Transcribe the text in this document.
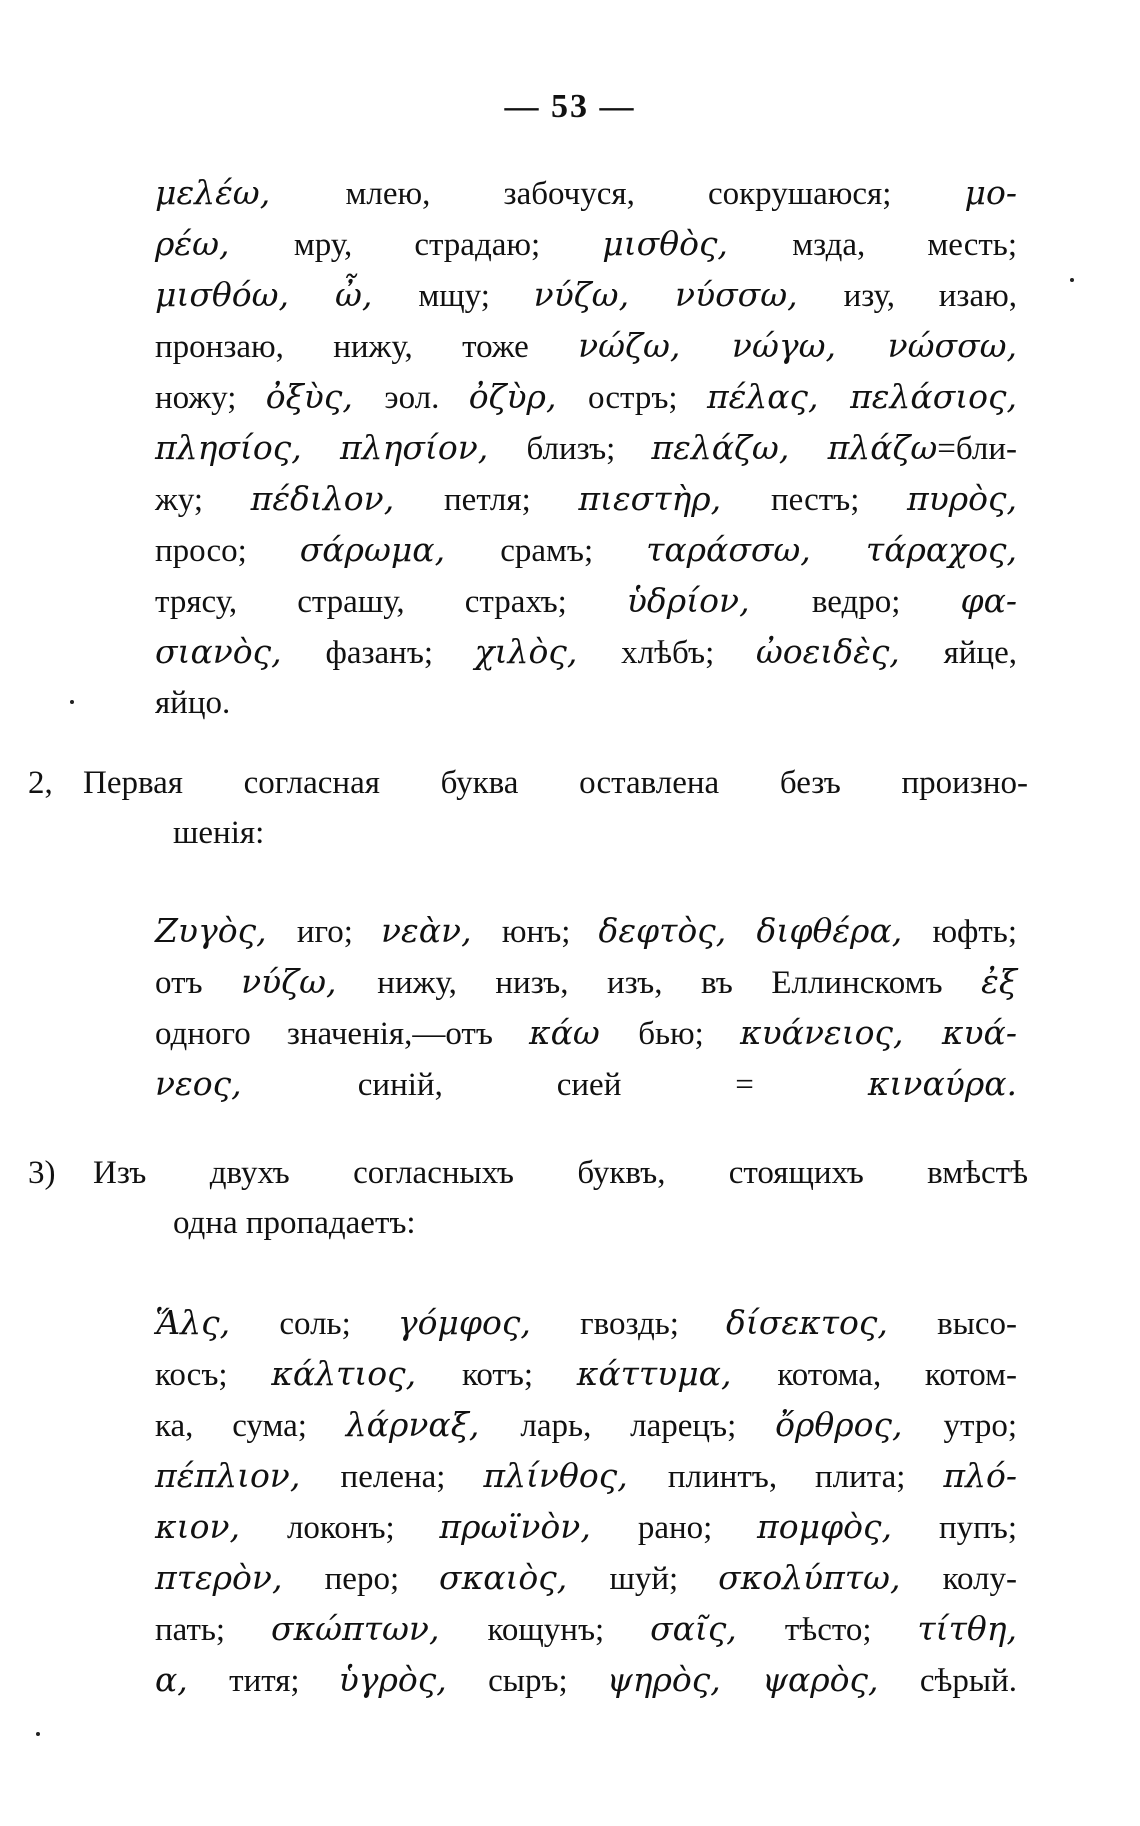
— 53 —
μελέω, млею, забочуся, сокрушаюся; μο-
ρέω, мру, страдаю; μισθὸς, мзда, месть;
μισθόω, ὦ, мщу; νύζω, νύσσω, изу, изаю,
пронзаю, нижу, тоже νώζω, νώγω, νώσσω,
ножу; ὀξὺς, эол. ὀζὺρ, остръ; πέλας, πελάσιος,
πλησίος, πλησίον, близъ; πελάζω, πλάζω=бли-
жу; πέδιλον, петля; πιεστὴρ, пестъ; πυρὸς,
просо; σάρωμα, срамъ; ταράσσω, τάραχος,
трясу, страшу, страхъ; ὑδρίον, ведро; φα-
σιανὸς, фазанъ; χιλὸς, хлѣбъ; ὠοειδὲς, яйце,
яйцо.
2, Первая согласная буква оставлена безъ произно-
шенія:
Ζυγὸς, иго; νεὰν, юнъ; δεφτὸς, διφθέρα, юфть;
отъ νύζω, нижу, низъ, изъ, въ Еллинскомъ ἐξ
одного значенія,—отъ κάω бью; κυάνειος, κυά-
νεος, синій, сией = κιναύρα.
3) Изъ двухъ согласныхъ буквъ, стоящихъ вмѣстѣ
одна пропадаетъ:
Ἅλς, соль; γόμφος, гвоздь; δίσεκτος, высо-
косъ; κάλτιος, котъ; κάττυμα, котома, котом-
ка, сума; λάρναξ, ларь, ларецъ; ὄρθρος, утро;
πέπλιον, пелена; πλίνθος, плинтъ, плита; πλό-
κιον, локонъ; πρωϊνὸν, рано; πομφὸς, пупъ;
πτερὸν, перо; σκαιὸς, шуй; σκολύπτω, колу-
пать; σκώπτων, кощунъ; σαῖς, тѣсто; τίτθη,
α, титя; ὑγρὸς, сыръ; ψηρὸς, ψαρὸς, сѣрый.
